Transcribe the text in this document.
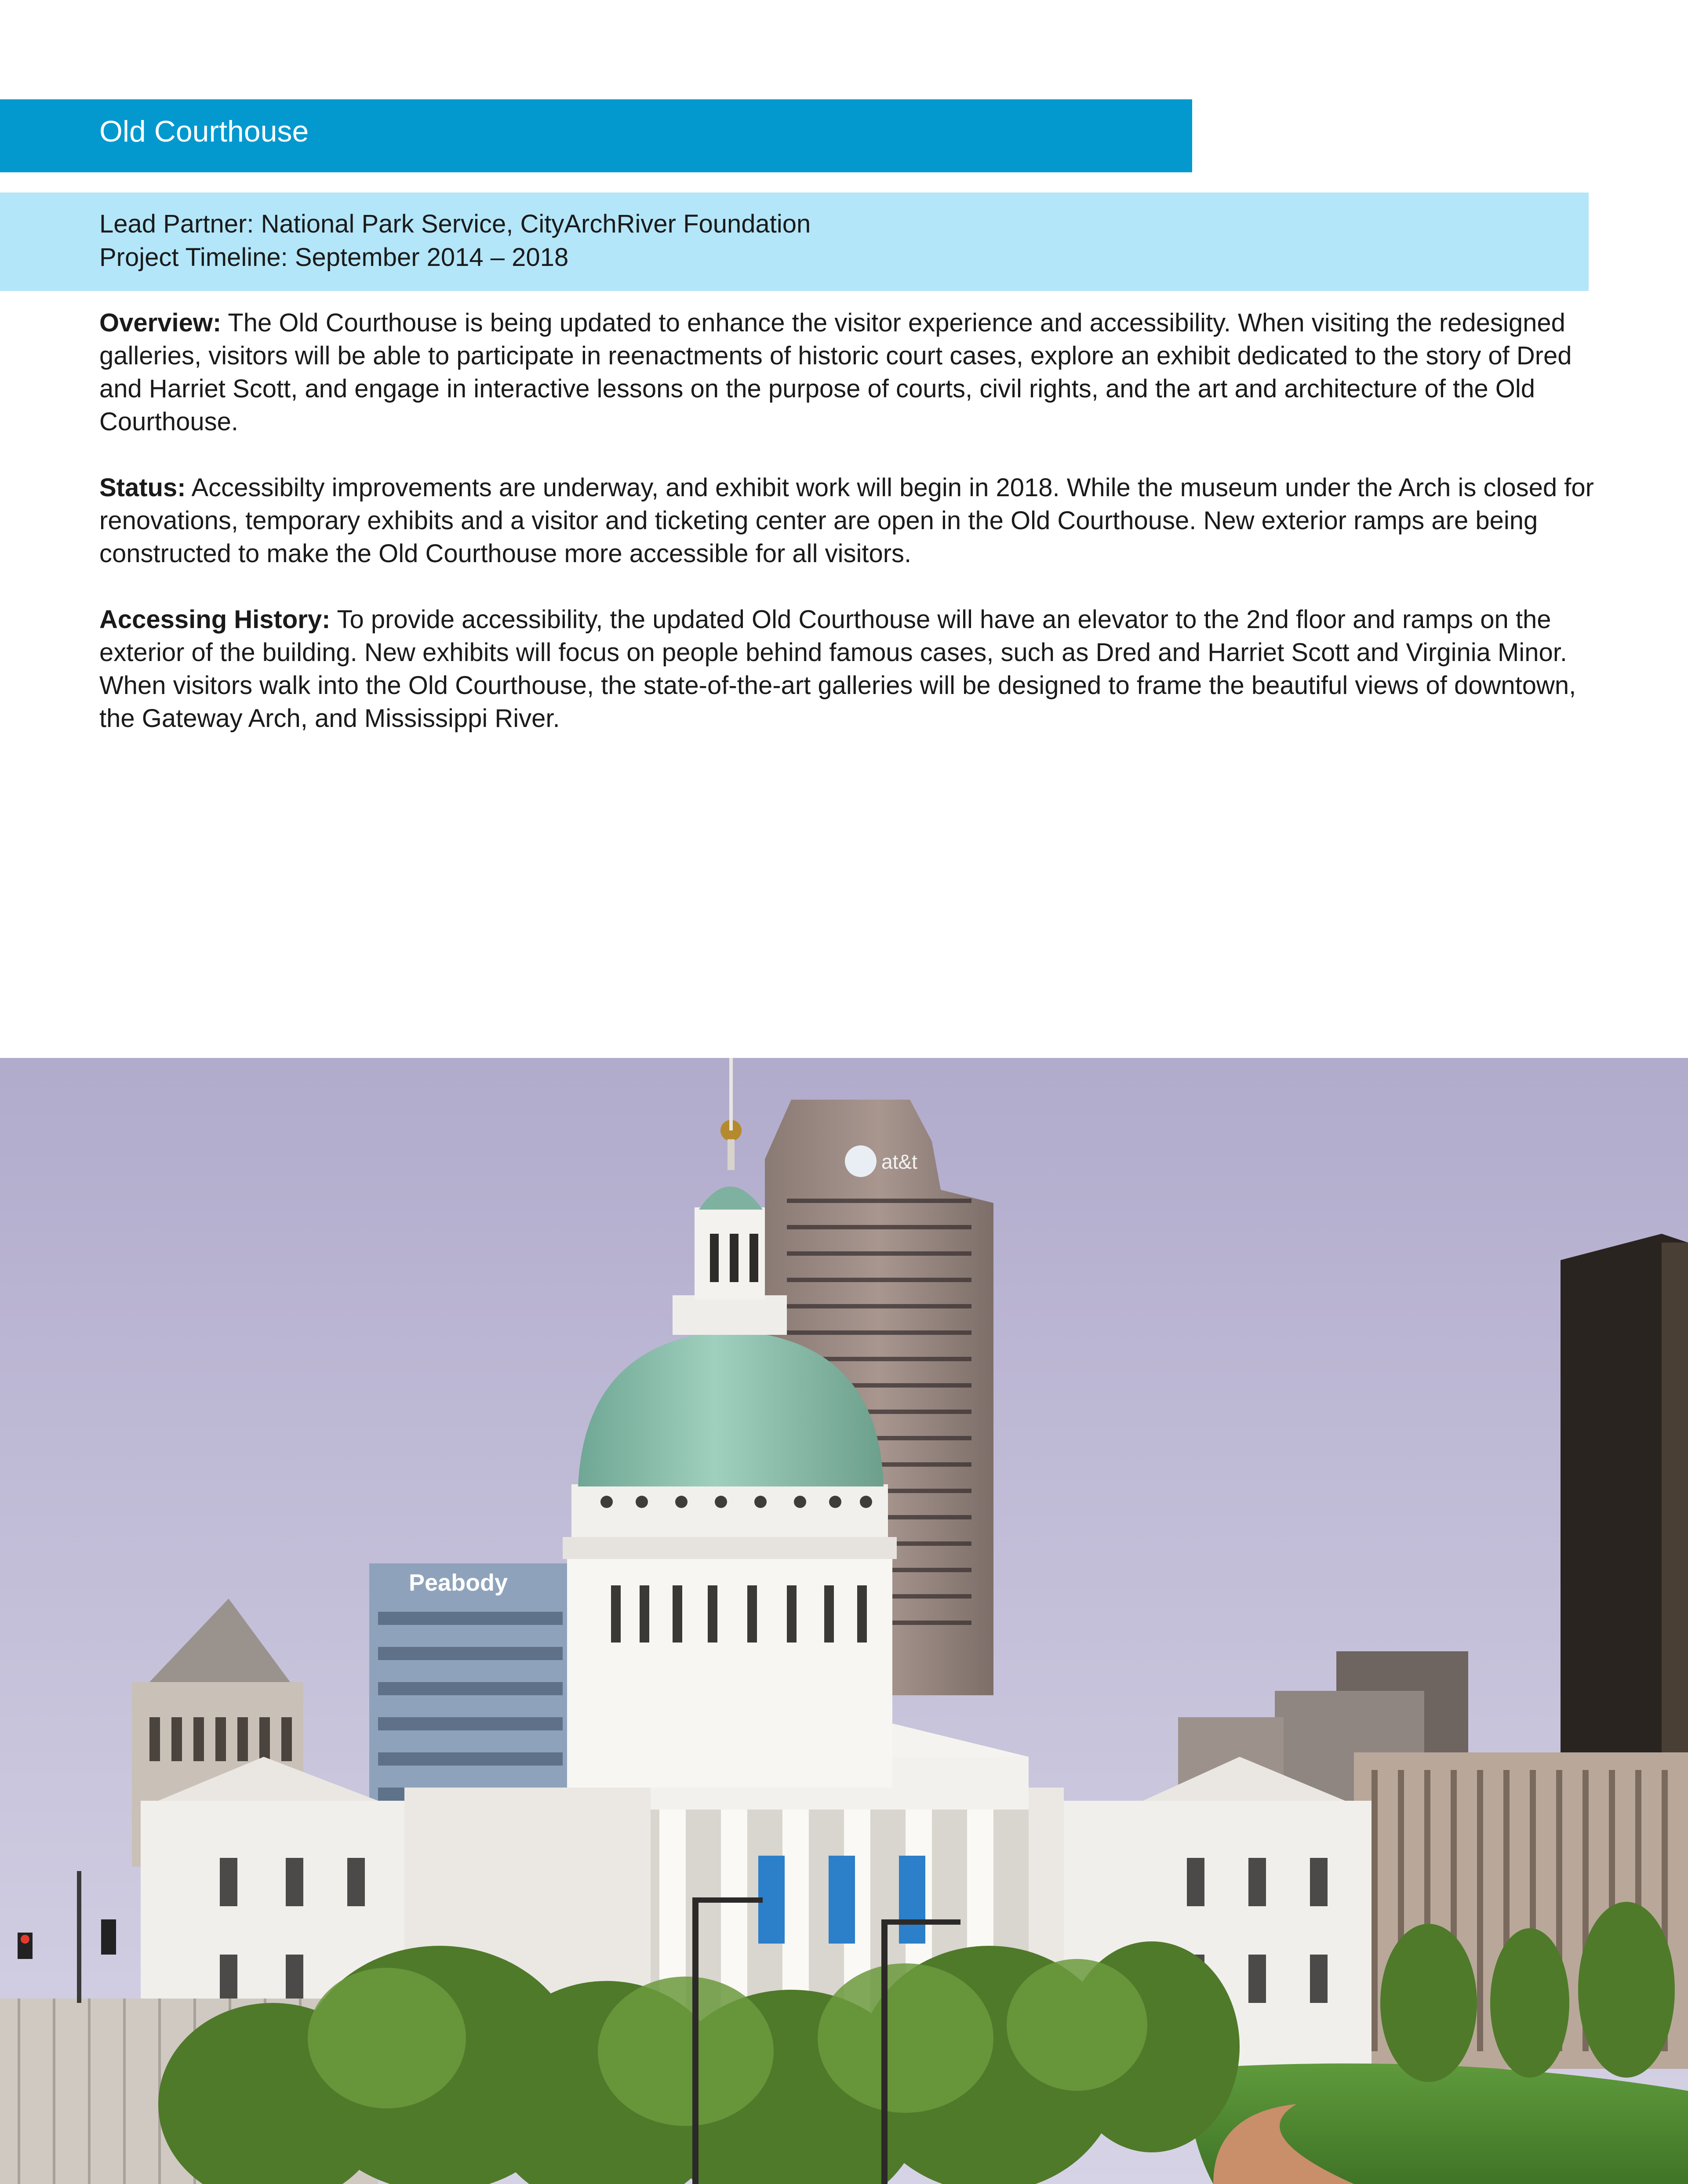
Old Courthouse
Lead Partner: National Park Service, CityArchRiver Foundation
Project Timeline: September 2014 – 2018

Overview: The Old Courthouse is being updated to enhance the visitor experience and accessibility. When visiting the redesigned galleries, visitors will be able to participate in reenactments of historic court cases, explore an exhibit dedicated to the story of Dred and Harriet Scott, and engage in interactive lessons on the purpose of courts, civil rights, and the art and architecture of the Old Courthouse.

Status: Accessibilty improvements are underway, and exhibit work will begin in 2018. While the museum under the Arch is closed for renovations, temporary exhibits and a visitor and ticketing center are open in the Old Courthouse. New exterior ramps are being constructed to make the Old Courthouse more accessible for all visitors.

Accessing History: To provide accessibility, the updated Old Courthouse will have an elevator to the 2nd floor and ramps on the exterior of the building. New exhibits will focus on people behind famous cases, such as Dred and Harriet Scott and Virginia Minor. When visitors walk into the Old Courthouse, the state-of-the-art galleries will be designed to frame the beautiful views of downtown, the Gateway Arch, and Mississippi River.

at&t
Peabody
